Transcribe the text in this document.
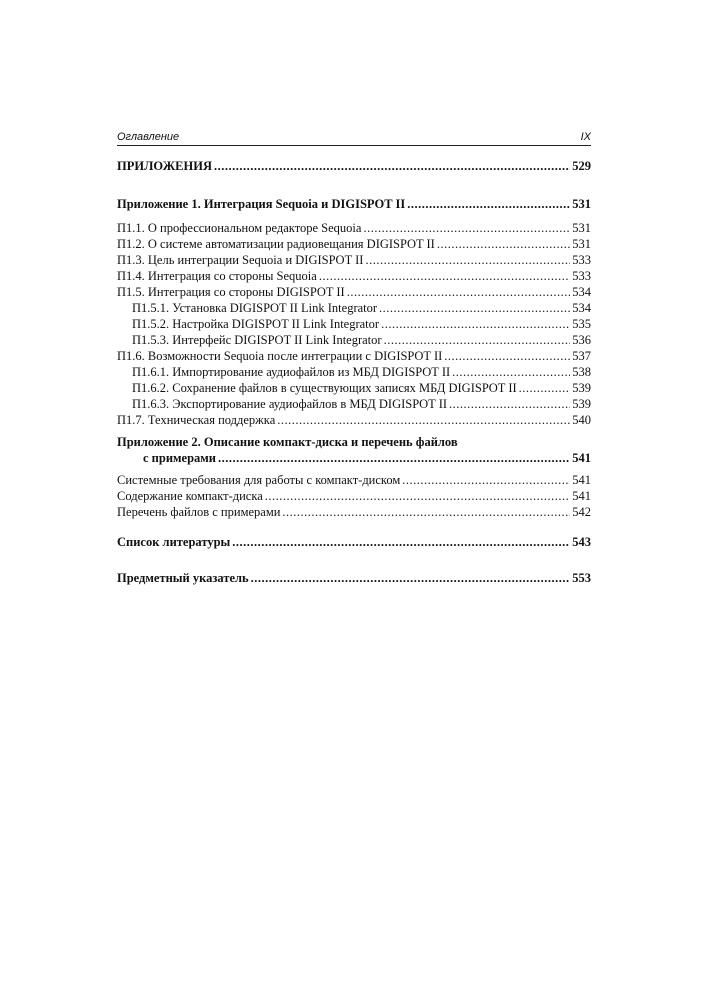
Оглавление	IX
ПРИЛОЖЕНИЯ .....	529
Приложение 1. Интеграция Sequoia и DIGISPOT II .....	531
П1.1. О профессиональном редакторе Sequoia .....	531
П1.2. О системе автоматизации радиовещания DIGISPOT II .....	531
П1.3. Цель интеграции Sequoia и DIGISPOT II .....	533
П1.4. Интеграция со стороны Sequoia .....	533
П1.5. Интеграция со стороны DIGISPOT II .....	534
П1.5.1. Установка DIGISPOT II Link Integrator .....	534
П1.5.2. Настройка DIGISPOT II Link Integrator .....	535
П1.5.3. Интерфейс DIGISPOT II Link Integrator .....	536
П1.6. Возможности Sequoia после интеграции с DIGISPOT II .....	537
П1.6.1. Импортирование аудиофайлов из МБД DIGISPOT II .....	538
П1.6.2. Сохранение файлов в существующих записях МБД DIGISPOT II .....	539
П1.6.3. Экспортирование аудиофайлов в МБД DIGISPOT II .....	539
П1.7. Техническая поддержка .....	540
Приложение 2. Описание компакт-диска и перечень файлов
с примерами .....	541
Системные требования для работы с компакт-диском .....	541
Содержание компакт-диска .....	541
Перечень файлов с примерами .....	542
Список литературы .....	543
Предметный указатель .....	553
